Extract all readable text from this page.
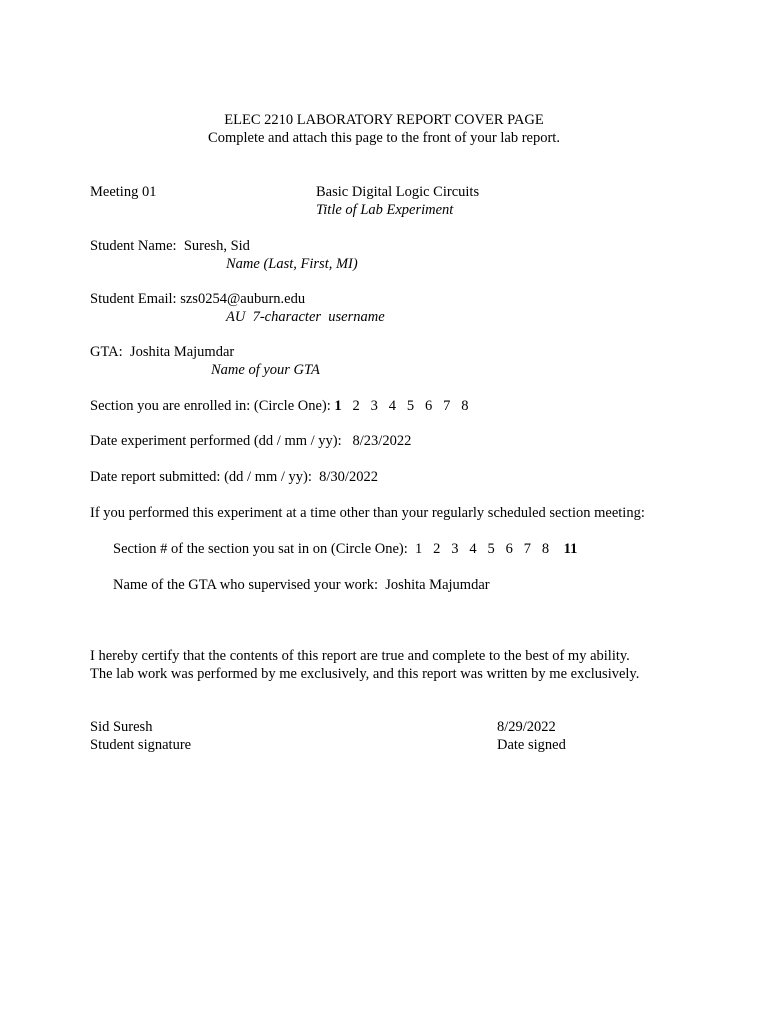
ELEC 2210 LABORATORY REPORT COVER PAGE
Complete and attach this page to the front of your lab report.
Meeting 01	Basic Digital Logic Circuits
Title of Lab Experiment
Student Name: Suresh, Sid
Name (Last, First, MI)
Student Email: szs0254@auburn.edu
AU  7-character  username
GTA: Joshita Majumdar
Name of your GTA
Section you are enrolled in: (Circle One): 1 2 3 4 5 6 7 8
Date experiment performed (dd / mm / yy): 8/23/2022
Date report submitted: (dd / mm / yy): 8/30/2022
If you performed this experiment at a time other than your regularly scheduled section meeting:
Section # of the section you sat in on (Circle One): 1 2 3 4 5 6 7 8 11
Name of the GTA who supervised your work: Joshita Majumdar
I hereby certify that the contents of this report are true and complete to the best of my ability.
The lab work was performed by me exclusively, and this report was written by me exclusively.
Sid Suresh
Student signature
8/29/2022
Date signed
